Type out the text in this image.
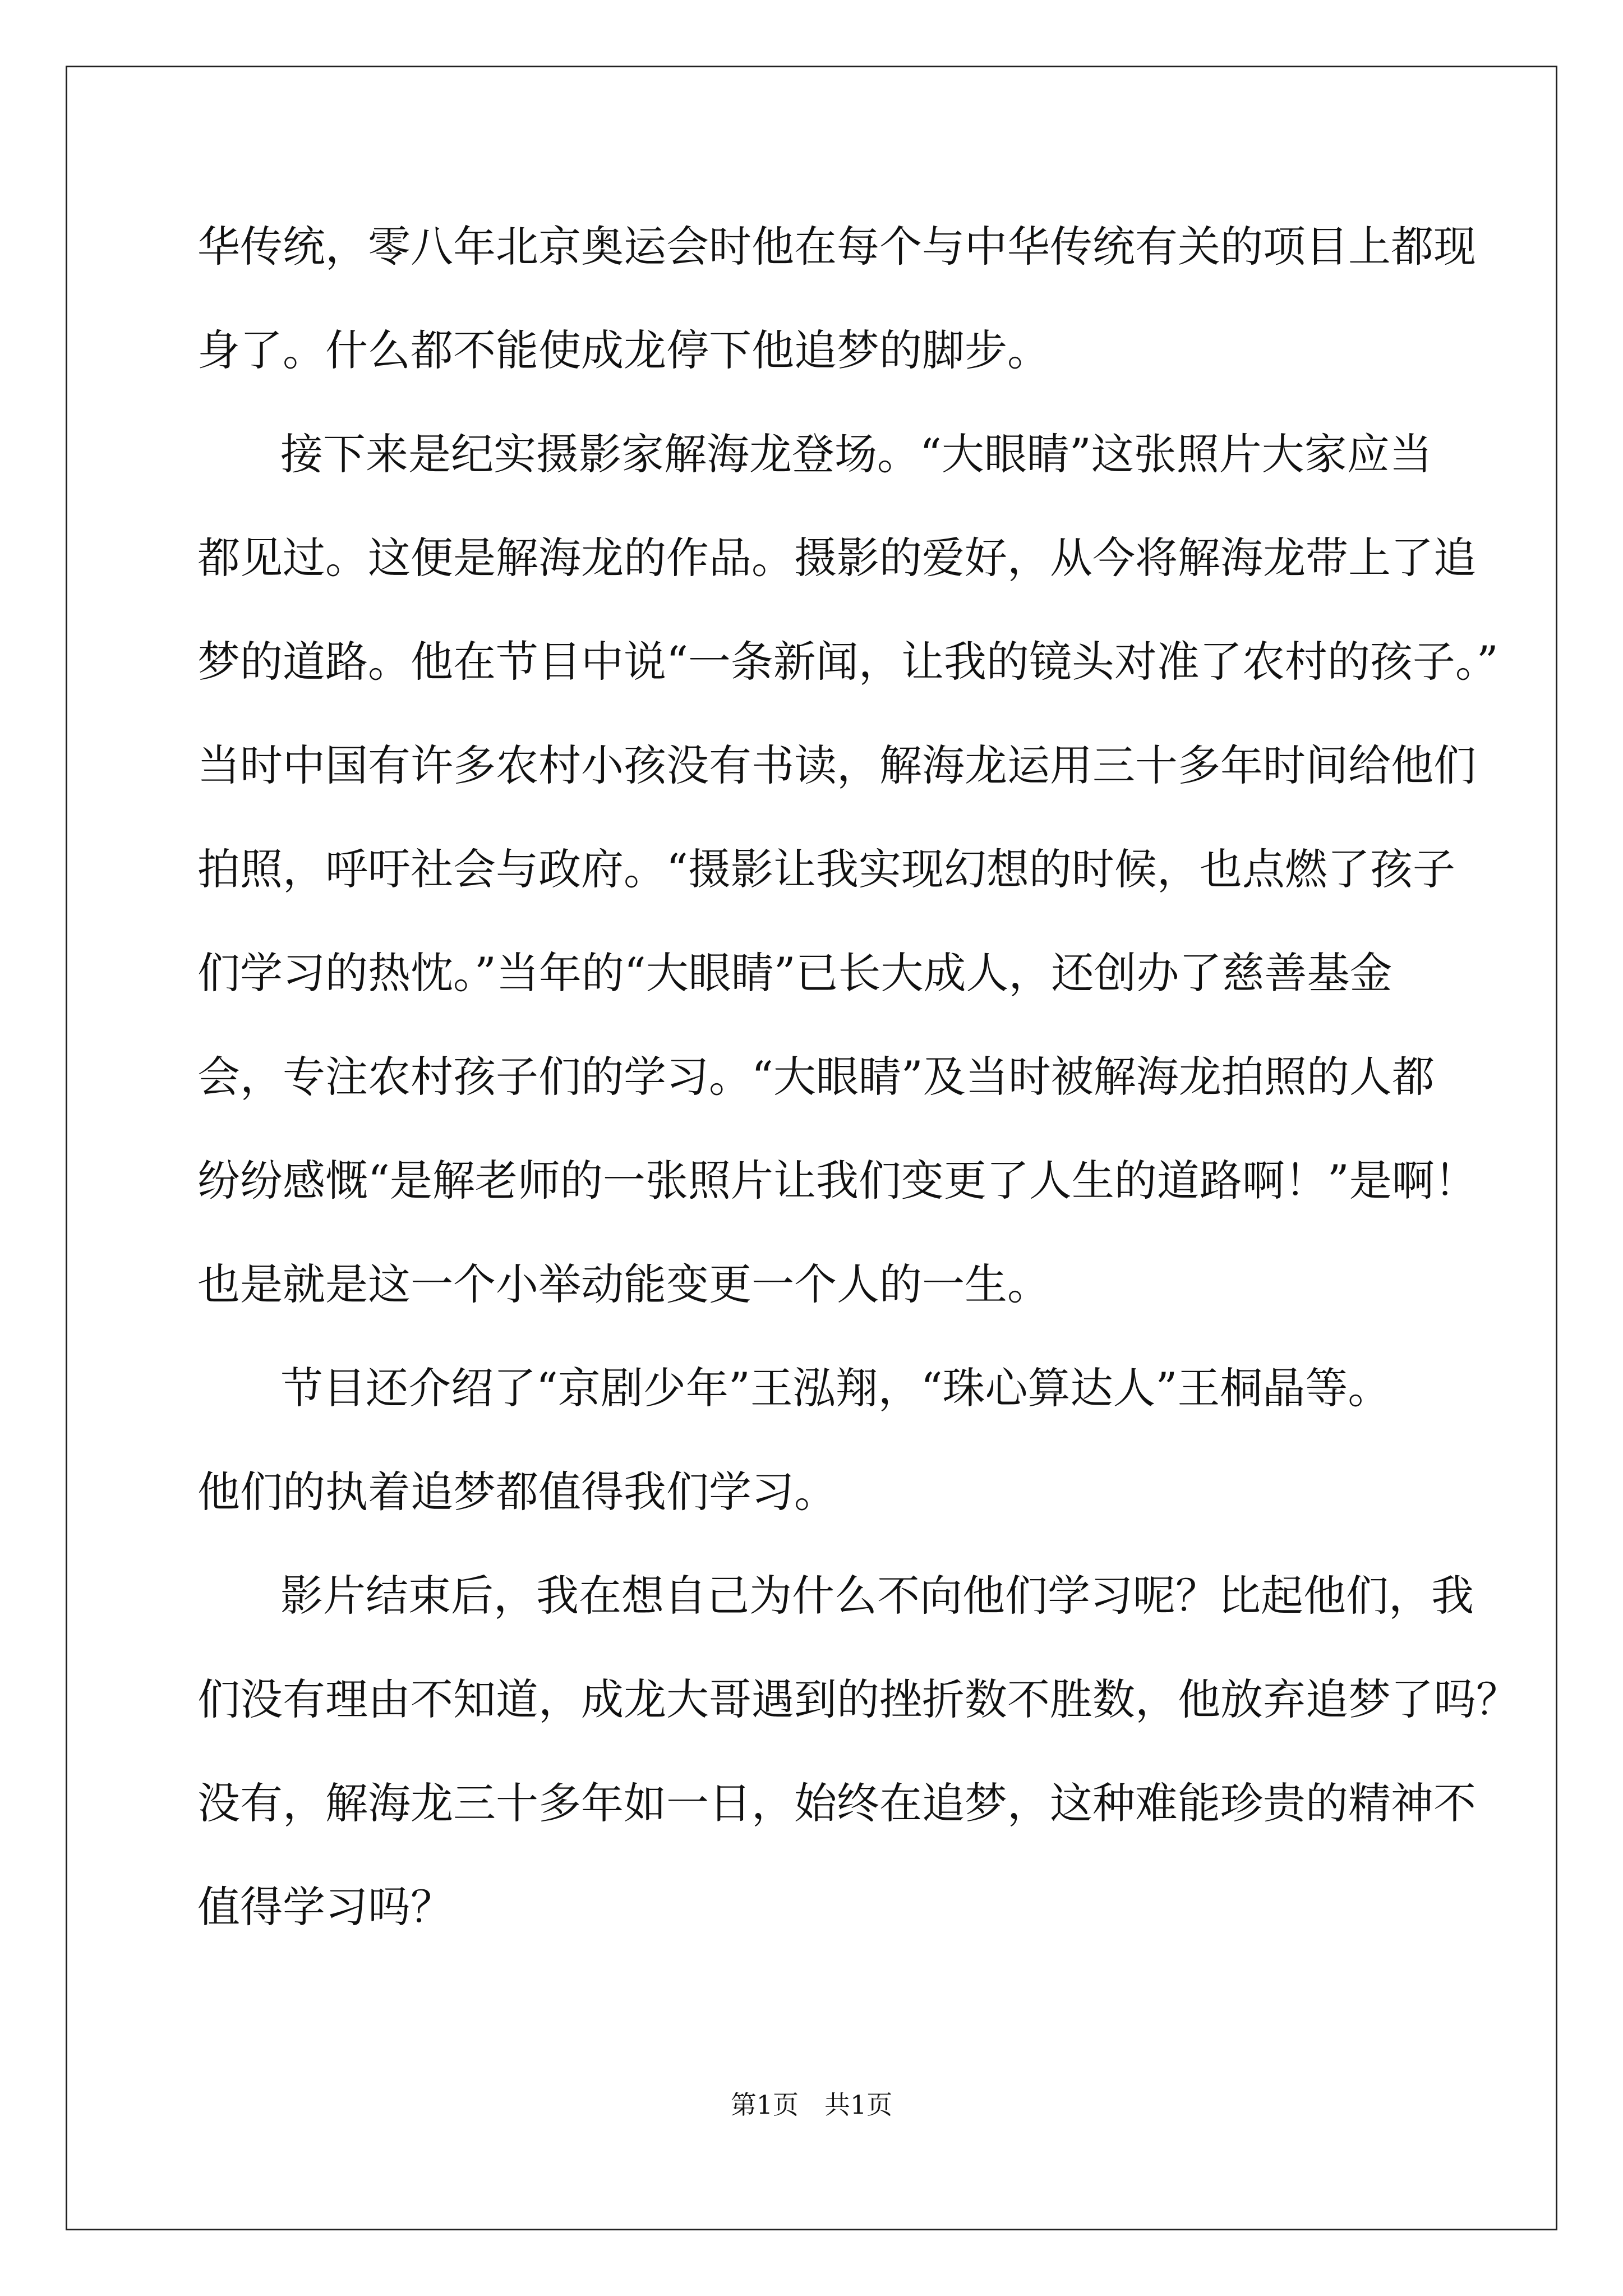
华传统，零八年北京奥运会时他在每个与中华传统有关的项目上都现
身了。什么都不能使成龙停下他追梦的脚步。
接下来是纪实摄影家解海龙登场。“大眼睛”这张照片大家应当
都见过。这便是解海龙的作品。摄影的爱好，从今将解海龙带上了追
梦的道路。他在节目中说“一条新闻，让我的镜头对准了农村的孩子。”
当时中国有许多农村小孩没有书读，解海龙运用三十多年时间给他们
拍照，呼吁社会与政府。“摄影让我实现幻想的时候，也点燃了孩子
们学习的热忱。”当年的“大眼睛”已长大成人，还创办了慈善基金
会，专注农村孩子们的学习。“大眼睛”及当时被解海龙拍照的人都
纷纷感慨“是解老师的一张照片让我们变更了人生的道路啊！”是啊！
也是就是这一个小举动能变更一个人的一生。
节目还介绍了“京剧少年”王泓翔，“珠心算达人”王桐晶等。
他们的执着追梦都值得我们学习。
影片结束后，我在想自己为什么不向他们学习呢？比起他们，我
们没有理由不知道，成龙大哥遇到的挫折数不胜数，他放弃追梦了吗？
没有，解海龙三十多年如一日，始终在追梦，这种难能珍贵的精神不
值得学习吗？
第1页　共1页
